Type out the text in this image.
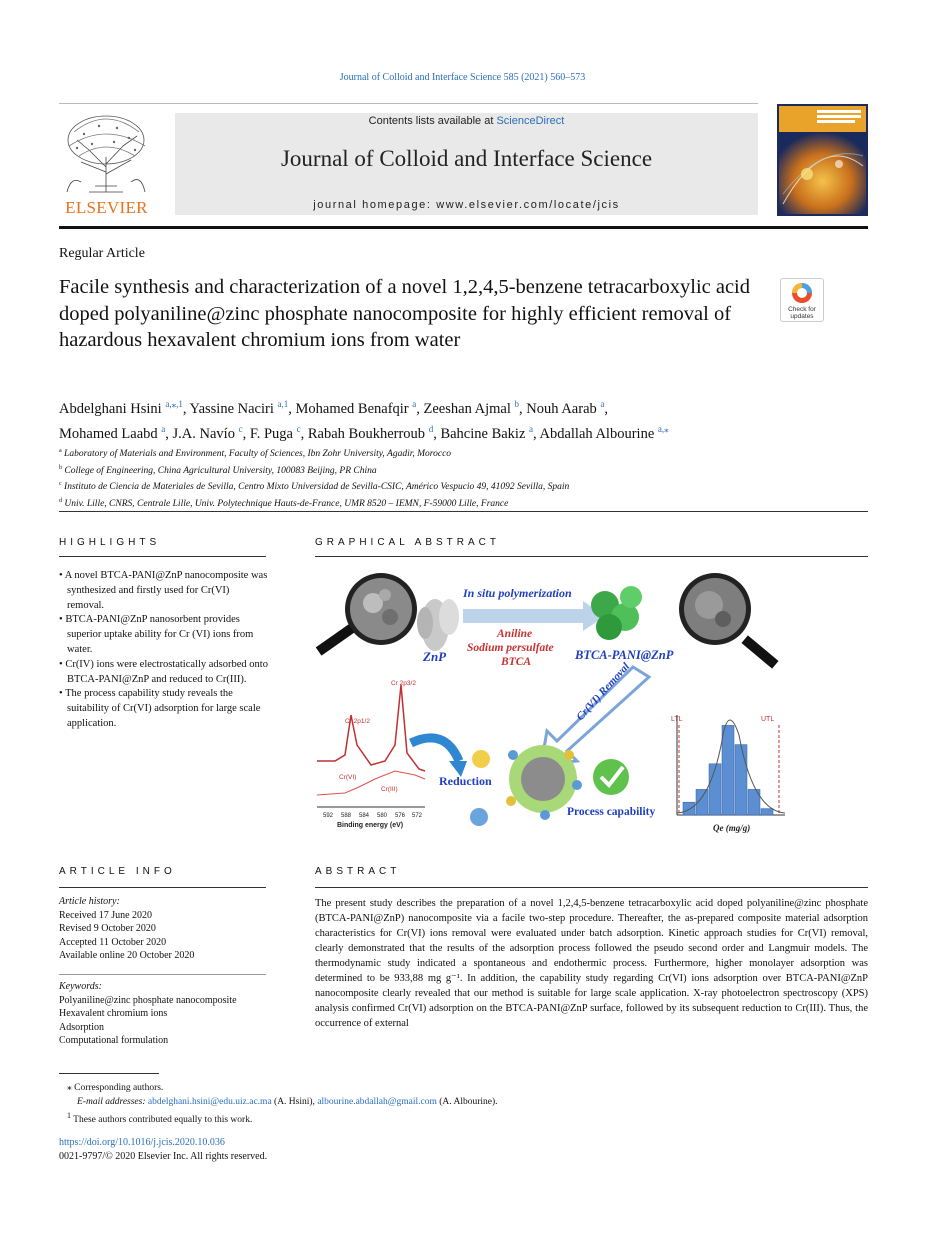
Journal of Colloid and Interface Science 585 (2021) 560–573
ELSEVIER
Contents lists available at ScienceDirect
Journal of Colloid and Interface Science
journal homepage: www.elsevier.com/locate/jcis
Regular Article
Facile synthesis and characterization of a novel 1,2,4,5-benzene tetracarboxylic acid doped polyaniline@zinc phosphate nanocomposite for highly efficient removal of hazardous hexavalent chromium ions from water
Check for
updates
Abdelghani Hsini $^{a,⁎,1}$, Yassine Naciri $^{a,1}$, Mohamed Benafqir $^a$, Zeeshan Ajmal $^b$, Nouh Aarab $^a$,
Mohamed Laabd $^a$, J.A. Navío $^c$, F. Puga $^c$, Rabah Boukherroub $^d$, Bahcine Bakiz $^a$, Abdallah Albourine $^{a,⁎}$
$^a$ Laboratory of Materials and Environment, Faculty of Sciences, Ibn Zohr University, Agadir, Morocco
$^b$ College of Engineering, China Agricultural University, 100083 Beijing, PR China
$^c$ Instituto de Ciencia de Materiales de Sevilla, Centro Mixto Universidad de Sevilla-CSIC, Américo Vespucio 49, 41092 Sevilla, Spain
$^d$ Univ. Lille, CNRS, Centrale Lille, Univ. Polytechnique Hauts-de-France, UMR 8520 – IEMN, F-59000 Lille, France
HIGHLIGHTS
• A novel BTCA-PANI@ZnP nanocomposite was synthesized and firstly used for Cr(VI) removal.
• BTCA-PANI@ZnP nanosorbent provides superior uptake ability for Cr (VI) ions from water.
• Cr(IV) ions were electrostatically adsorbed onto BTCA-PANI@ZnP and reduced to Cr(III).
• The process capability study reveals the suitability of Cr(VI) adsorption for large scale application.
GRAPHICAL ABSTRACT
ZnP
In situ polymerization
Aniline
Sodium persulfate
BTCA	BTCA-PANI@ZnP
Cr(VI) Removal
Cr 2p1/2
Cr 2p3/2
Cr(VI)
Cr(III)
592 588 584 580 576 572
Binding energy (eV)
Reduction
Process capability
LTL	UTL
Qe (mg/g)
ARTICLE INFO
Article history:
Received 17 June 2020
Revised 9 October 2020
Accepted 11 October 2020
Available online 20 October 2020
Keywords:
Polyaniline@zinc phosphate nanocomposite
Hexavalent chromium ions
Adsorption
Computational formulation
ABSTRACT
The present study describes the preparation of a novel 1,2,4,5-benzene tetracarboxylic acid doped polyaniline@zinc phosphate (BTCA-PANI@ZnP) nanocomposite via a facile two-step procedure. Thereafter, the as-prepared composite material adsorption characteristics for Cr(VI) ions removal were evaluated under batch adsorption. Kinetic approach studies for Cr(VI) removal, clearly demonstrated that the results of the adsorption process followed the pseudo second order and Langmuir models. The thermodynamic study indicated a spontaneous and endothermic process. Furthermore, higher monolayer adsorption was determined to be 933,88 mg g⁻¹. In addition, the capability study regarding Cr(VI) ions adsorption over BTCA-PANI@ZnP nanocomposite clearly revealed that our method is suitable for large scale application. X-ray photoelectron spectroscopy (XPS) analysis confirmed Cr(VI) adsorption on the BTCA-PANI@ZnP surface, followed by its subsequent reduction to Cr(III). Thus, the occurrence of external
⁎ Corresponding authors.
E-mail addresses: abdelghani.hsini@edu.uiz.ac.ma (A. Hsini), albourine.abdallah@gmail.com (A. Albourine).
$^1$ These authors contributed equally to this work.
https://doi.org/10.1016/j.jcis.2020.10.036
0021-9797/© 2020 Elsevier Inc. All rights reserved.
